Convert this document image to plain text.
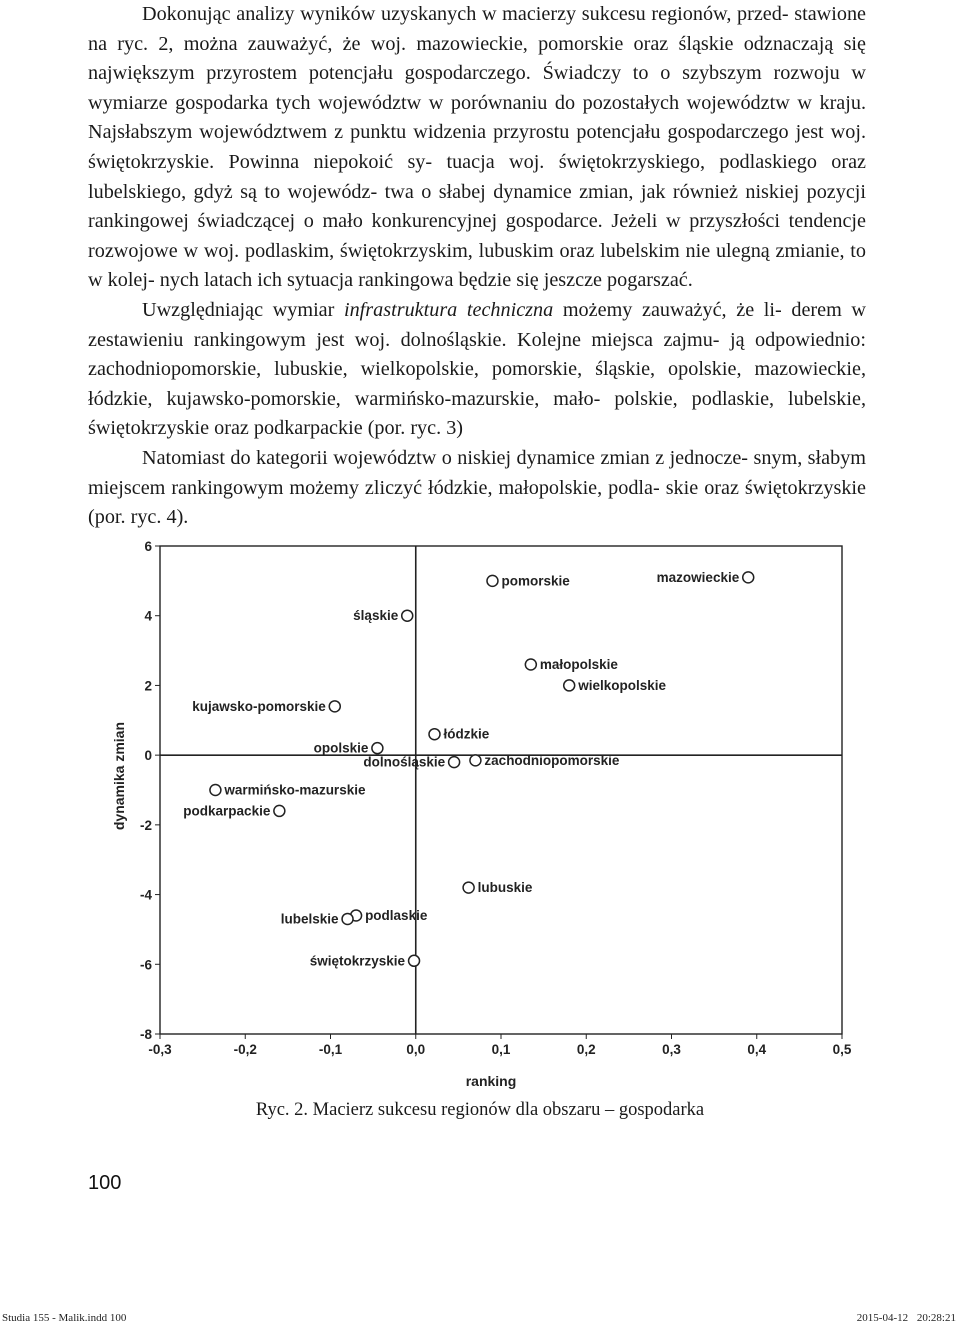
Dokonując analizy wyników uzyskanych w macierzy sukcesu regionów, przed- stawione na ryc. 2, można zauważyć, że woj. mazowieckie, pomorskie oraz śląskie odznaczają się największym przyrostem potencjału gospodarczego. Świadczy to o szybszym rozwoju w wymiarze gospodarka tych województw w porównaniu do pozostałych województw w kraju. Najsłabszym województwem z punktu widzenia przyrostu potencjału gospodarczego jest woj. świętokrzyskie. Powinna niepokoić sy- tuacja woj. świętokrzyskiego, podlaskiego oraz lubelskiego, gdyż są to wojewódz- twa o słabej dynamice zmian, jak również niskiej pozycji rankingowej świadczącej o mało konkurencyjnej gospodarce. Jeżeli w przyszłości tendencje rozwojowe w woj. podlaskim, świętokrzyskim, lubuskim oraz lubelskim nie ulegną zmianie, to w kolej- nych latach ich sytuacja rankingowa będzie się jeszcze pogarszać.

Uwzględniając wymiar infrastruktura techniczna możemy zauważyć, że li- derem w zestawieniu rankingowym jest woj. dolnośląskie. Kolejne miejsca zajmu- ją odpowiednio: zachodniopomorskie, lubuskie, wielkopolskie, pomorskie, śląskie, opolskie, mazowieckie, łódzkie, kujawsko-pomorskie, warmińsko-mazurskie, mało- polskie, podlaskie, lubelskie, świętokrzyskie oraz podkarpackie (por. ryc. 3)

Natomiast do kategorii województw o niskiej dynamice zmian z jednocze- snym, słabym miejscem rankingowym możemy zliczyć łódzkie, małopolskie, podla- skie oraz świętokrzyskie (por. ryc. 4).

-0,3	-0,2	-0,1	0,0	0,1	0,2	0,3	0,4	0,5
6
4
2
0
-2
-4
-6
-8
ranking
dynamika zmian
pomorskie	mazowieckie
śląskie
małopolskie
wielkopolskie
kujawsko-pomorskie
łódzkie
opolskie
dolnośląskie	zachodniopomorskie
warmińsko-mazurskie
podkarpackie
lubuskie
podlaskie
lubelskie
świętokrzyskie
Ryc. 2. Macierz sukcesu regionów dla obszaru – gospodarka
100
Studia 155 - Malik.indd 100	2015-04-12 20:28:21
